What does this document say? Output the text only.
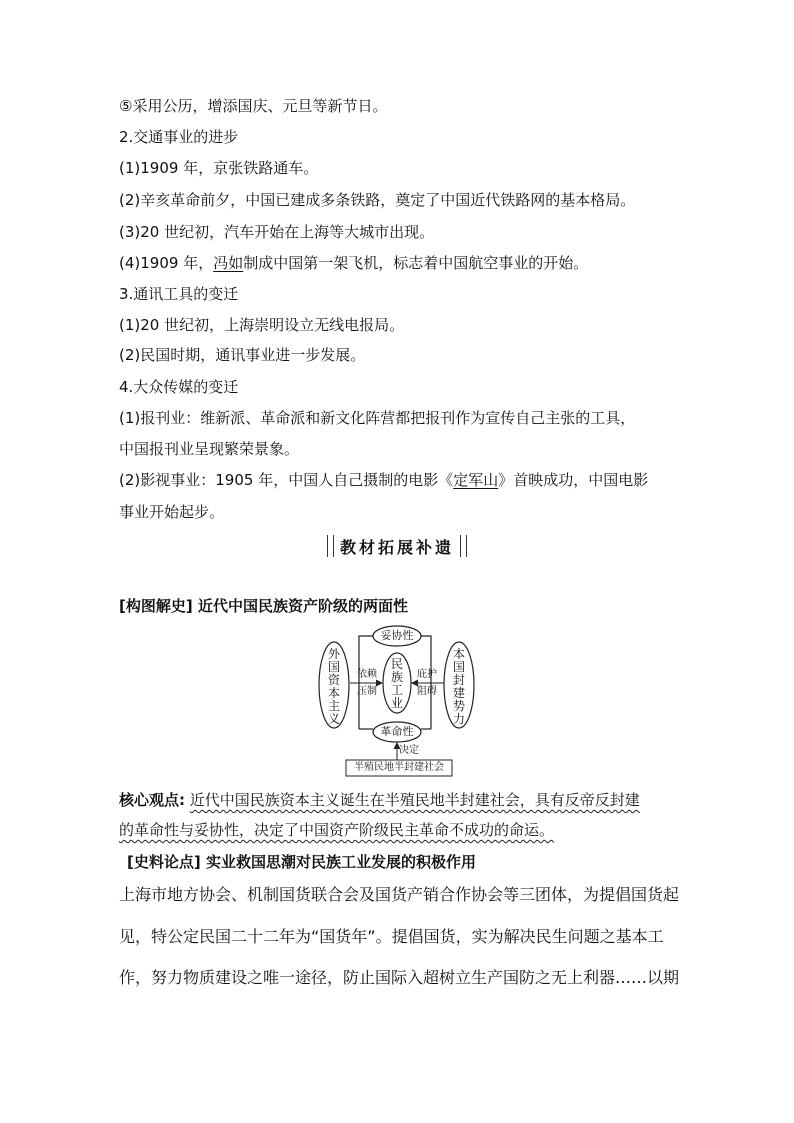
⑤采用公历，增添国庆、元旦等新节日。
2.交通事业的进步
(1)1909 年，京张铁路通车。
(2)辛亥革命前夕，中国已建成多条铁路，奠定了中国近代铁路网的基本格局。
(3)20 世纪初，汽车开始在上海等大城市出现。
(4)1909 年，冯如制成中国第一架飞机，标志着中国航空事业的开始。
3.通讯工具的变迁
(1)20 世纪初，上海崇明设立无线电报局。
(2)民国时期，通讯事业进一步发展。
4.大众传媒的变迁
(1)报刊业：维新派、革命派和新文化阵营都把报刊作为宣传自己主张的工具，
中国报刊业呈现繁荣景象。
(2)影视事业：1905 年，中国人自己摄制的电影《定军山》首映成功，中国电影
事业开始起步。
教材拓展补遗
[构图解史] 近代中国民族资产阶级的两面性
外国资本主义
民族工业
本国封建势力
妥协性
革命性
依赖
压制
庇护
阻碍
决定
半殖民地半封建社会
核心观点: 近代中国民族资本主义诞生在半殖民地半封建社会，具有反帝反封建
的革命性与妥协性，决定了中国资产阶级民主革命不成功的命运。
[史料论点] 实业救国思潮对民族工业发展的积极作用
上海市地方协会、机制国货联合会及国货产销合作协会等三团体，为提倡国货起
见，特公定民国二十二年为“国货年”。提倡国货，实为解决民生问题之基本工
作，努力物质建设之唯一途径，防止国际入超树立生产国防之无上利器……以期
